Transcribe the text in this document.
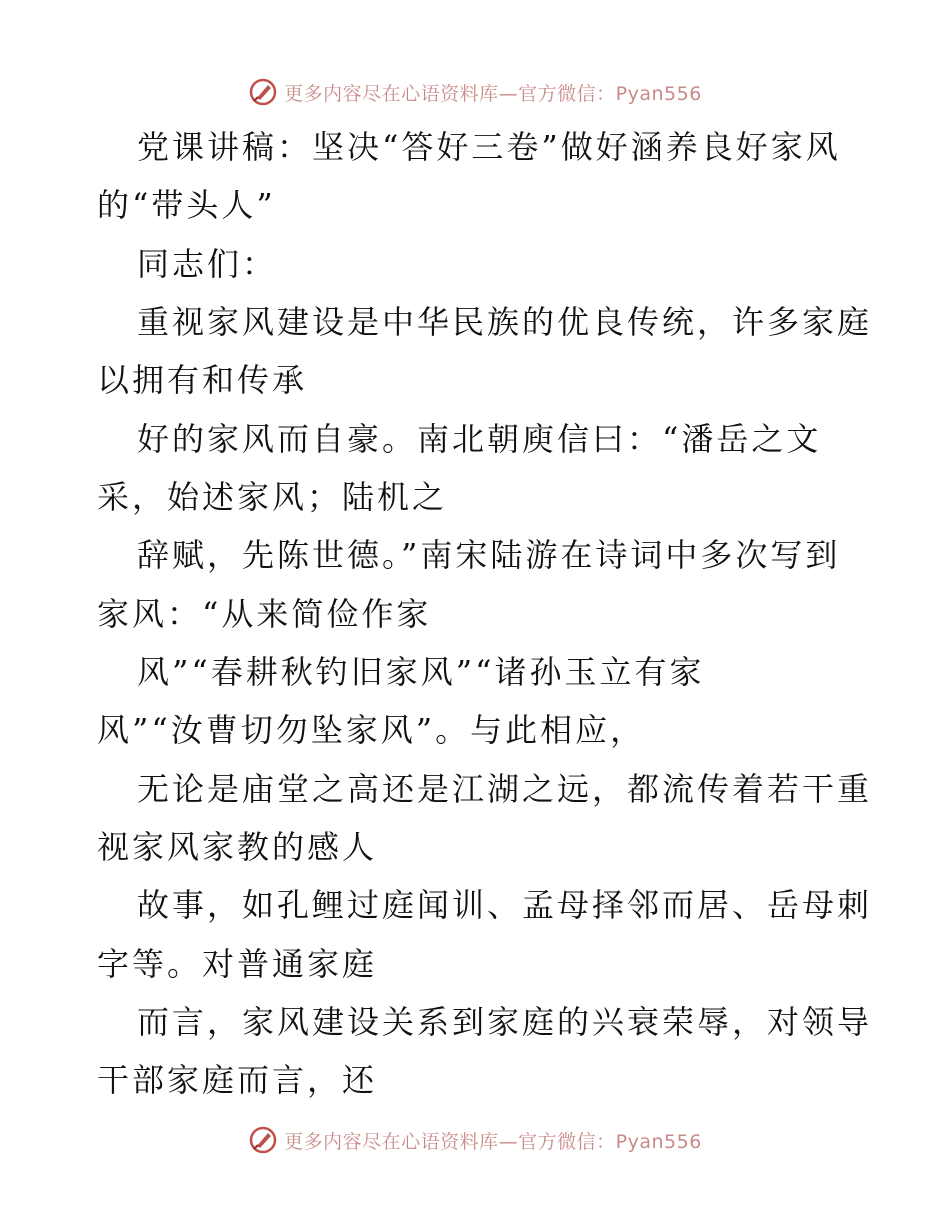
更多内容尽在心语资料库—官方微信：Pyan556
党课讲稿：坚决“答好三卷”做好涵养良好家风
的“带头人”
同志们：
重视家风建设是中华民族的优良传统，许多家庭
以拥有和传承
好的家风而自豪。南北朝庾信曰：“潘岳之文
采，始述家风；陆机之
辞赋，先陈世德。”南宋陆游在诗词中多次写到
家风：“从来简俭作家
风”“春耕秋钓旧家风”“诸孙玉立有家
风”“汝曹切勿坠家风”。与此相应，
无论是庙堂之高还是江湖之远，都流传着若干重
视家风家教的感人
故事，如孔鲤过庭闻训、孟母择邻而居、岳母刺
字等。对普通家庭
而言，家风建设关系到家庭的兴衰荣辱，对领导
干部家庭而言，还
更多内容尽在心语资料库—官方微信：Pyan556
